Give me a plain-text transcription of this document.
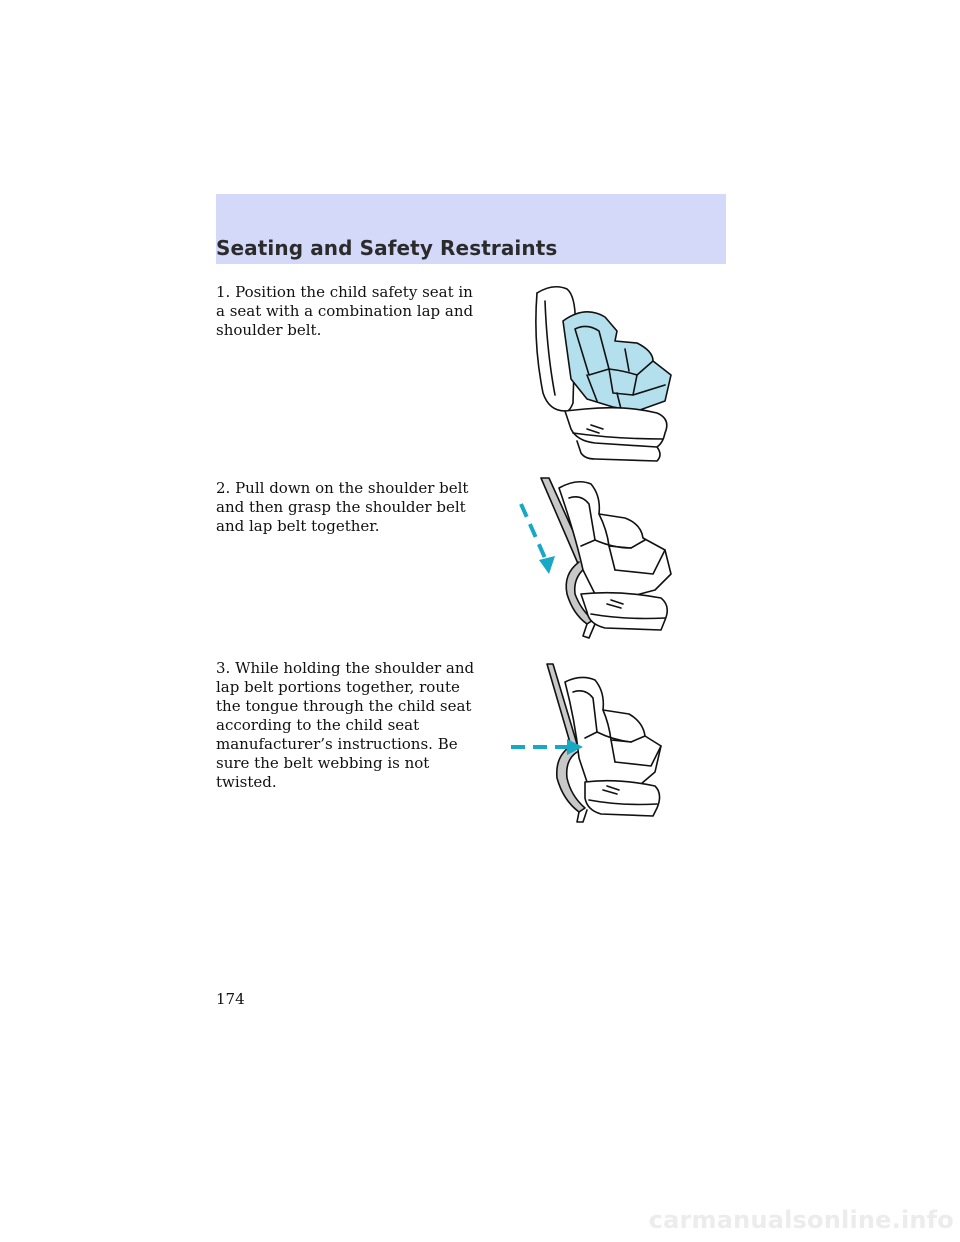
Seating and Safety Restraints
1. Position the child safety seat in a seat with a combination lap and shoulder belt.
2. Pull down on the shoulder belt and then grasp the shoulder belt and lap belt together.
3. While holding the shoulder and lap belt portions together, route the tongue through the child seat according to the child seat manufacturer’s instructions. Be sure the belt webbing is not twisted.
174
carmanualsonline.info
